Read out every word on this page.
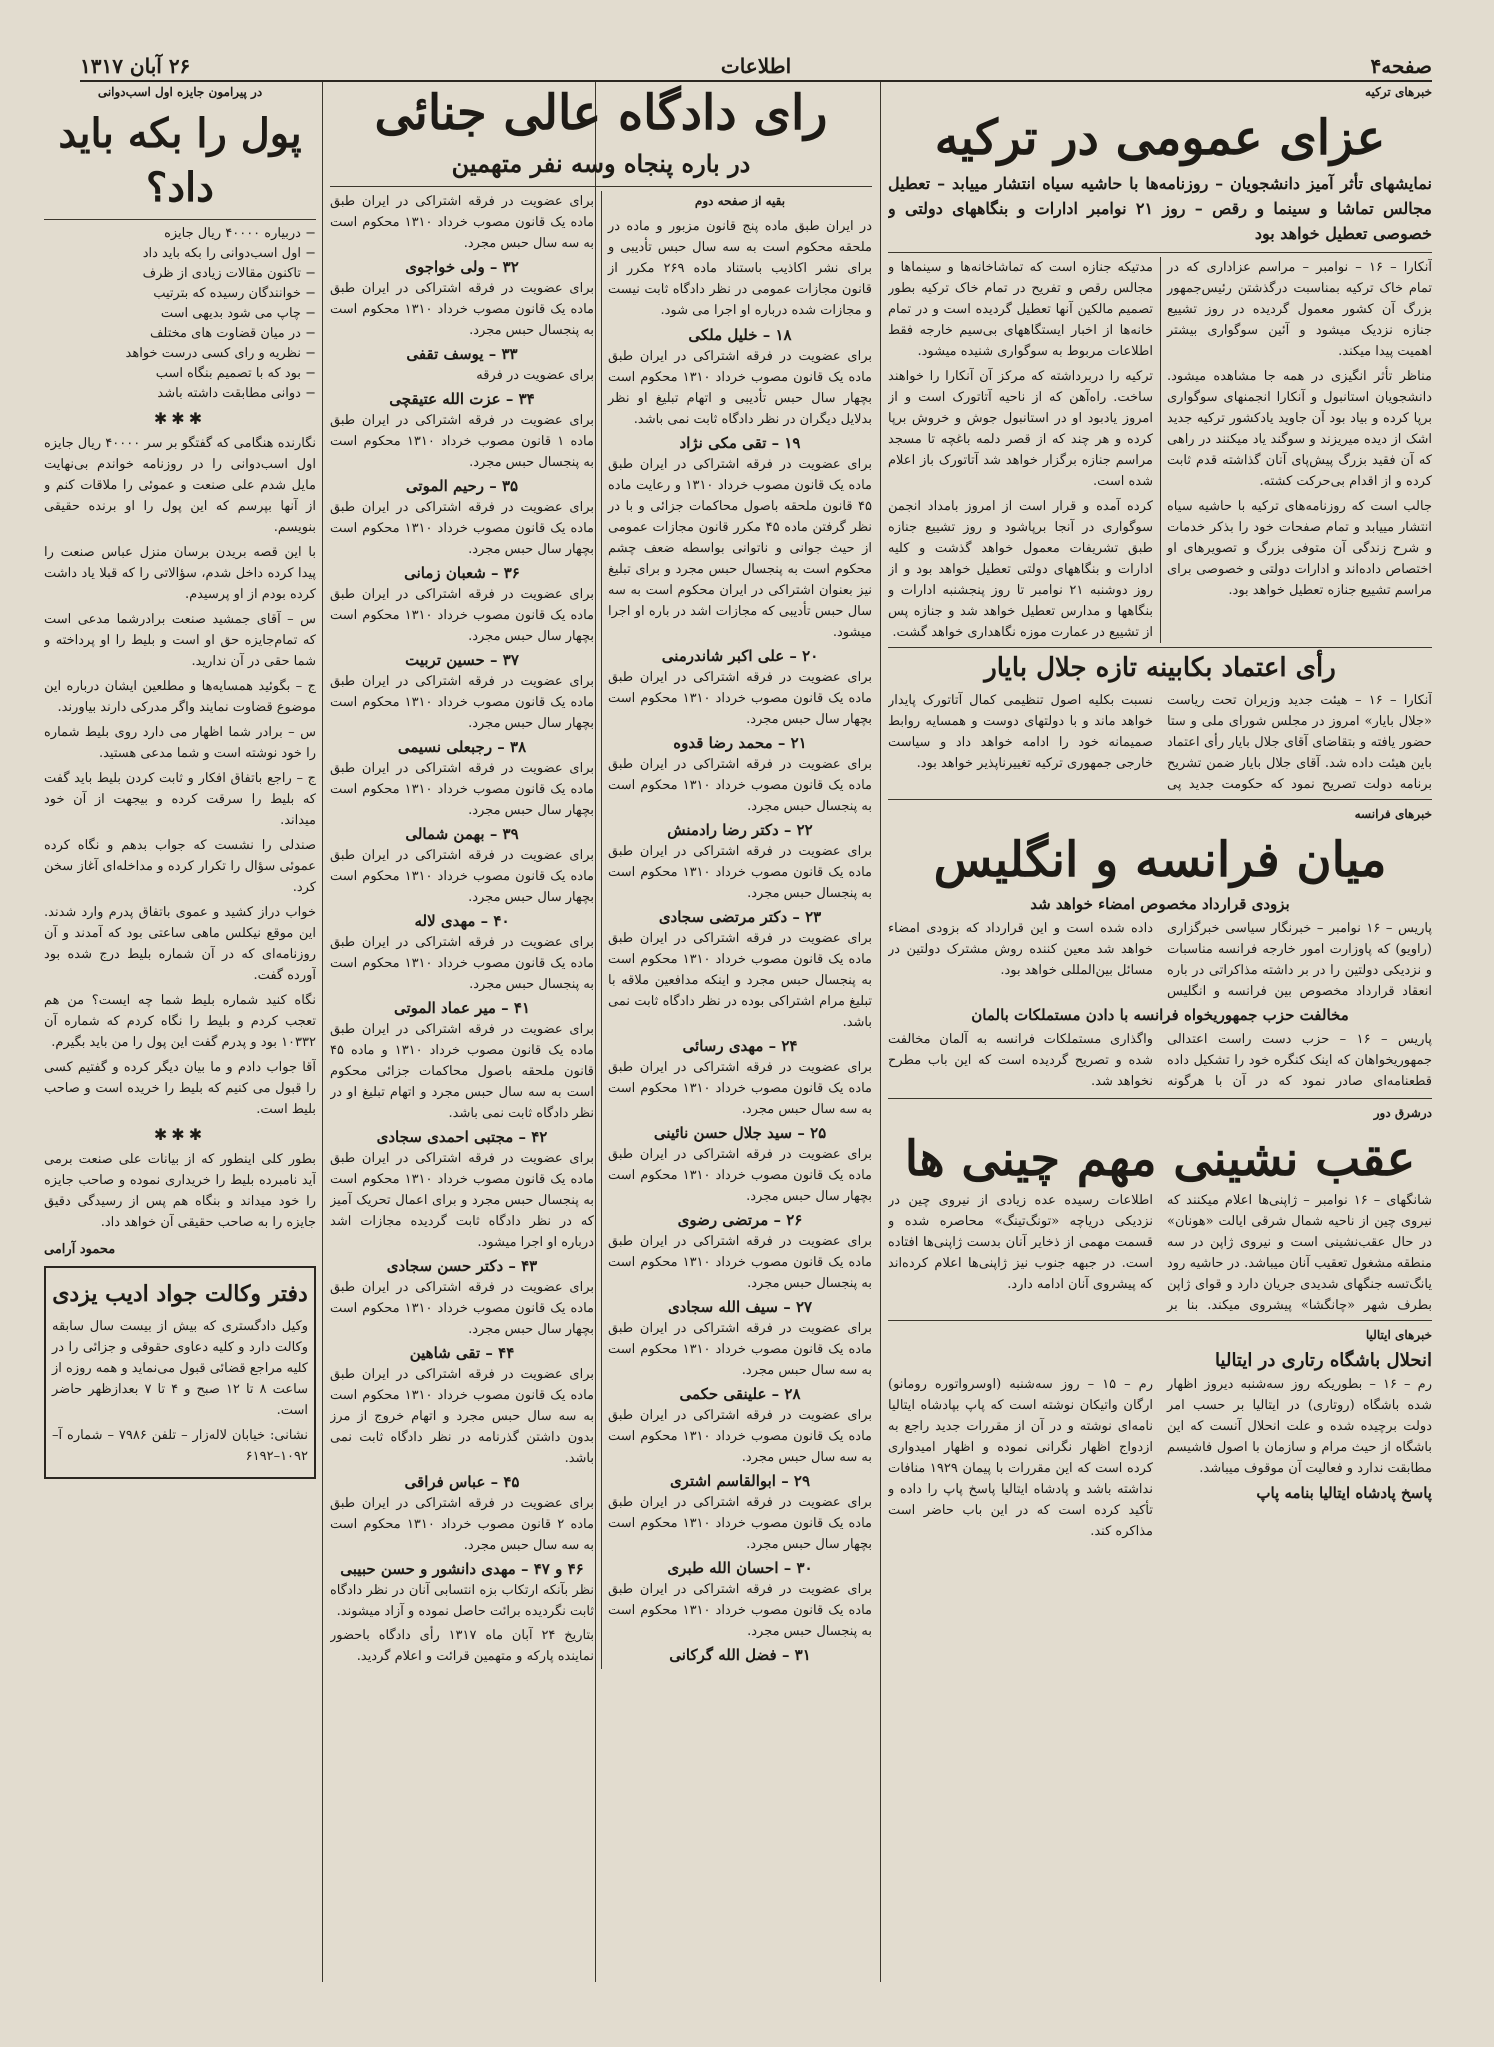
صفحه۴
اطلاعات
۲۶ آبان ۱۳۱۷
خبرهای ترکیه
عزای عمومی در ترکیه
نمایشهای تأثر آمیز دانشجویان – روزنامه‌ها با حاشیه سیاه انتشار مییابد – تعطیل مجالس تماشا و سینما و رقص – روز ۲۱ نوامبر ادارات و بنگاههای دولتی و خصوصی تعطیل خواهد بود

آنکارا – ۱۶ – نوامبر – مراسم عزاداری که در تمام خاک ترکیه بمناسبت درگذشتن رئیس‌جمهور بزرگ آن کشور معمول گردیده در روز تشییع جنازه نزدیک میشود و آئین سوگواری بیشتر اهمیت پیدا میکند.

مناظر تأثر انگیزی در همه جا مشاهده میشود. دانشجویان استانبول و آنکارا انجمنهای سوگواری برپا کرده و بیاد بود آن جاوید یادکشور ترکیه جدید اشک از دیده میریزند و سوگند یاد میکنند در راهی که آن فقید بزرگ پیش‌پای آنان گذاشته قدم ثابت کرده و از اقدام بی‌حرکت کشته.

جالب است که روزنامه‌های ترکیه با حاشیه سیاه انتشار مییابد و تمام صفحات خود را بذکر خدمات و شرح زندگی آن متوفی بزرگ و تصویرهای او اختصاص داده‌اند و ادارات دولتی و خصوصی برای مراسم تشییع جنازه تعطیل خواهد بود.

مدتیکه جنازه است که تماشاخانه‌ها و سینماها و مجالس رقص و تفریح در تمام خاک ترکیه بطور تصمیم مالکین آنها تعطیل گردیده است و در تمام خانه‌ها از اخبار ایستگاههای بی‌سیم خارجه فقط اطلاعات مربوط به سوگواری شنیده میشود.

ترکیه را دربرداشته که مرکز آن آنکارا را خواهند ساخت. راه‌آهن که از ناحیه آتاتورک است و از امروز یادبود او در استانبول جوش و خروش برپا کرده و هر چند که از قصر دلمه باغچه تا مسجد مراسم جنازه برگزار خواهد شد آتاتورک باز اعلام شده است.

کرده آمده و قرار است از امروز بامداد انجمن سوگواری در آنجا برپاشود و روز تشییع جنازه طبق تشریفات معمول خواهد گذشت و کلیه ادارات و بنگاههای دولتی تعطیل خواهد بود و از روز دوشنبه ۲۱ نوامبر تا روز پنجشنبه ادارات و بنگاهها و مدارس تعطیل خواهد شد و جنازه پس از تشییع در عمارت موزه نگاهداری خواهد گشت.

رأی اعتماد بکابینه تازه جلال بایار

آنکارا – ۱۶ – هیئت جدید وزیران تحت ریاست «جلال بایار» امروز در مجلس شورای ملی و ستا حضور یافته و بتقاضای آقای جلال بایار رأی اعتماد باین هیئت داده شد. آقای جلال بایار ضمن تشریح برنامه دولت تصریح نمود که حکومت جدید پی نسبت بکلیه اصول تنظیمی کمال آتاتورک پایدار خواهد ماند و با دولتهای دوست و همسایه روابط صمیمانه خود را ادامه خواهد داد و سیاست خارجی جمهوری ترکیه تغییرناپذیر خواهد بود.

خبرهای فرانسه
میان فرانسه و انگلیس
بزودی قرارداد مخصوص امضاء خواهد شد

پاریس – ۱۶ نوامبر – خبرنگار سیاسی خبرگزاری (راویو) که پاوزارت امور خارجه فرانسه مناسبات و نزدیکی دولتین را در بر داشته مذاکراتی در باره انعقاد قرارداد مخصوص بین فرانسه و انگلیس داده شده است و این قرارداد که بزودی امضاء خواهد شد معین کننده روش مشترک دولتین در مسائل بین‌المللی خواهد بود.

مخالفت حزب جمهوریخواه فرانسه با دادن مستملکات بالمان

پاریس – ۱۶ – حزب دست راست اعتدالی جمهوریخواهان که اینک کنگره خود را تشکیل داده قطعنامه‌ای صادر نمود که در آن با هرگونه واگذاری مستملکات فرانسه به آلمان مخالفت شده و تصریح گردیده است که این باب مطرح نخواهد شد.

درشرق دور
عقب نشینی مهم چینی ها

شانگهای – ۱۶ نوامبر – ژاپنی‌ها اعلام میکنند که نیروی چین از ناحیه شمال شرقی ایالت «هونان» در حال عقب‌نشینی است و نیروی ژاپن در سه منطقه مشغول تعقیب آنان میباشد. در حاشیه رود یانگ‌تسه جنگهای شدیدی جریان دارد و قوای ژاپن بطرف شهر «چانگشا» پیشروی میکند. بنا بر اطلاعات رسیده عده زیادی از نیروی چین در نزدیکی دریاچه «تونگ‌تینگ» محاصره شده و قسمت مهمی از ذخایر آنان بدست ژاپنی‌ها افتاده است. در جبهه جنوب نیز ژاپنی‌ها اعلام کرده‌اند که پیشروی آنان ادامه دارد.

خبرهای ایتالیا
انحلال باشگاه رتاری در ایتالیا

رم – ۱۶ – بطوریکه روز سه‌شنبه دیروز اظهار شده باشگاه (روتاری) در ایتالیا بر حسب امر دولت برچیده شده و علت انحلال آنست که این باشگاه از حیث مرام و سازمان با اصول فاشیسم مطابقت ندارد و فعالیت آن موقوف میباشد.

پاسخ پادشاه ایتالیا بنامه پاپ

رم – ۱۵ – روز سه‌شنبه (اوسرواتوره رومانو) ارگان واتیکان نوشته است که پاپ بپادشاه ایتالیا نامه‌ای نوشته و در آن از مقررات جدید راجع به ازدواج اظهار نگرانی نموده و اظهار امیدواری کرده است که این مقررات با پیمان ۱۹۲۹ منافات نداشته باشد و پادشاه ایتالیا پاسخ پاپ را داده و تأکید کرده است که در این باب حاضر است مذاکره کند.

رای دادگاه عالی جنائی
در باره پنجاه وسه نفر متهمین
بقیه از صفحه دوم

در ایران طبق ماده پنج قانون مزبور و ماده در ملحقه محکوم است به سه سال حبس تأدیبی و برای نشر اکاذیب باستناد ماده ۲۶۹ مکرر از قانون مجازات عمومی در نظر دادگاه ثابت نیست و مجازات شده درباره او اجرا می شود.

۱۸ – خلیل ملکی
برای عضویت در فرقه اشتراکی در ایران طبق ماده یک قانون مصوب خرداد ۱۳۱۰ محکوم است بچهار سال حبس تأدیبی و اتهام تبلیغ او نظر بدلایل دیگران در نظر دادگاه ثابت نمی باشد.
۱۹ – تقی مکی نژاد
برای عضویت در فرقه اشتراکی در ایران طبق ماده یک قانون مصوب خرداد ۱۳۱۰ و رعایت ماده ۴۵ قانون ملحقه باصول محاکمات جزائی و با در نظر گرفتن ماده ۴۵ مکرر قانون مجازات عمومی از حیث جوانی و ناتوانی بواسطه ضعف چشم محکوم است به پنجسال حبس مجرد و برای تبلیغ نیز بعنوان اشتراکی در ایران محکوم است به سه سال حبس تأدیبی که مجازات اشد در باره او اجرا میشود.
۲۰ – علی اکبر شاندرمنی
برای عضویت در فرقه اشتراکی در ایران طبق ماده یک قانون مصوب خرداد ۱۳۱۰ محکوم است بچهار سال حبس مجرد.
۲۱ – محمد رضا قدوه
برای عضویت در فرقه اشتراکی در ایران طبق ماده یک قانون مصوب خرداد ۱۳۱۰ محکوم است به پنجسال حبس مجرد.
۲۲ – دکتر رضا رادمنش
برای عضویت در فرقه اشتراکی در ایران طبق ماده یک قانون مصوب خرداد ۱۳۱۰ محکوم است به پنجسال حبس مجرد.
۲۳ – دکتر مرتضی سجادی
برای عضویت در فرقه اشتراکی در ایران طبق ماده یک قانون مصوب خرداد ۱۳۱۰ محکوم است به پنجسال حبس مجرد و اینکه مدافعین ملاقه با تبلیغ مرام اشتراکی بوده در نظر دادگاه ثابت نمی باشد.
۲۴ – مهدی رسائی
برای عضویت در فرقه اشتراکی در ایران طبق ماده یک قانون مصوب خرداد ۱۳۱۰ محکوم است به سه سال حبس مجرد.
۲۵ – سید جلال حسن نائینی
برای عضویت در فرقه اشتراکی در ایران طبق ماده یک قانون مصوب خرداد ۱۳۱۰ محکوم است بچهار سال حبس مجرد.
۲۶ – مرتضی رضوی
برای عضویت در فرقه اشتراکی در ایران طبق ماده یک قانون مصوب خرداد ۱۳۱۰ محکوم است به پنجسال حبس مجرد.
۲۷ – سیف الله سجادی
برای عضویت در فرقه اشتراکی در ایران طبق ماده یک قانون مصوب خرداد ۱۳۱۰ محکوم است به سه سال حبس مجرد.
۲۸ – علینقی حکمی
برای عضویت در فرقه اشتراکی در ایران طبق ماده یک قانون مصوب خرداد ۱۳۱۰ محکوم است به سه سال حبس مجرد.
۲۹ – ابوالقاسم اشتری
برای عضویت در فرقه اشتراکی در ایران طبق ماده یک قانون مصوب خرداد ۱۳۱۰ محکوم است بچهار سال حبس مجرد.
۳۰ – احسان الله طبری
برای عضویت در فرقه اشتراکی در ایران طبق ماده یک قانون مصوب خرداد ۱۳۱۰ محکوم است به پنجسال حبس مجرد.
۳۱ – فضل الله گرکانی
برای عضویت در فرقه اشتراکی در ایران طبق ماده یک قانون مصوب خرداد ۱۳۱۰ محکوم است به سه سال حبس مجرد.
۳۲ – ولی خواجوی
برای عضویت در فرقه اشتراکی در ایران طبق ماده یک قانون مصوب خرداد ۱۳۱۰ محکوم است به پنجسال حبس مجرد.
۳۳ – یوسف تقفی
برای عضویت در فرقه
۳۴ – عزت الله عتیقچی
برای عضویت در فرقه اشتراکی در ایران طبق ماده ۱ قانون مصوب خرداد ۱۳۱۰ محکوم است به پنجسال حبس مجرد.
۳۵ – رحیم الموتی
برای عضویت در فرقه اشتراکی در ایران طبق ماده یک قانون مصوب خرداد ۱۳۱۰ محکوم است بچهار سال حبس مجرد.
۳۶ – شعبان زمانی
برای عضویت در فرقه اشتراکی در ایران طبق ماده یک قانون مصوب خرداد ۱۳۱۰ محکوم است بچهار سال حبس مجرد.
۳۷ – حسین تربیت
برای عضویت در فرقه اشتراکی در ایران طبق ماده یک قانون مصوب خرداد ۱۳۱۰ محکوم است بچهار سال حبس مجرد.
۳۸ – رجبعلی نسیمی
برای عضویت در فرقه اشتراکی در ایران طبق ماده یک قانون مصوب خرداد ۱۳۱۰ محکوم است بچهار سال حبس مجرد.
۳۹ – بهمن شمالی
برای عضویت در فرقه اشتراکی در ایران طبق ماده یک قانون مصوب خرداد ۱۳۱۰ محکوم است بچهار سال حبس مجرد.
۴۰ – مهدی لاله
برای عضویت در فرقه اشتراکی در ایران طبق ماده یک قانون مصوب خرداد ۱۳۱۰ محکوم است به پنجسال حبس مجرد.
۴۱ – میر عماد الموتی
برای عضویت در فرقه اشتراکی در ایران طبق ماده یک قانون مصوب خرداد ۱۳۱۰ و ماده ۴۵ قانون ملحقه باصول محاکمات جزائی محکوم است به سه سال حبس مجرد و اتهام تبلیغ او در نظر دادگاه ثابت نمی باشد.
۴۲ – مجتبی احمدی سجادی
برای عضویت در فرقه اشتراکی در ایران طبق ماده یک قانون مصوب خرداد ۱۳۱۰ محکوم است به پنجسال حبس مجرد و برای اعمال تحریک آمیز که در نظر دادگاه ثابت گردیده مجازات اشد درباره او اجرا میشود.
۴۳ – دکتر حسن سجادی
برای عضویت در فرقه اشتراکی در ایران طبق ماده یک قانون مصوب خرداد ۱۳۱۰ محکوم است بچهار سال حبس مجرد.
۴۴ – تقی شاهین
برای عضویت در فرقه اشتراکی در ایران طبق ماده یک قانون مصوب خرداد ۱۳۱۰ محکوم است به سه سال حبس مجرد و اتهام خروج از مرز بدون داشتن گذرنامه در نظر دادگاه ثابت نمی باشد.
۴۵ – عباس فراقی
برای عضویت در فرقه اشتراکی در ایران طبق ماده ۲ قانون مصوب خرداد ۱۳۱۰ محکوم است به سه سال حبس مجرد.
۴۶ و ۴۷ – مهدی دانشور و حسن حبیبی
نظر بآنکه ارتکاب بزه انتسابی آنان در نظر دادگاه ثابت نگردیده برائت حاصل نموده و آزاد میشوند.

بتاریخ ۲۴ آبان ماه ۱۳۱۷ رأی دادگاه باحضور نماینده پارکه و متهمین قرائت و اعلام گردید.

در پیرامون جایزه اول اسب‌دوانی
پول را بکه باید داد؟
− دربیاره ۴۰۰۰۰ ریال جایزه
− اول اسب‌دوانی را بکه باید داد
− تاکنون مقالات زیادی از ظرف
− خوانندگان رسیده که بترتیب
− چاپ می شود بدیهی است
− در میان قضاوت های مختلف
− نظریه و رای کسی درست خواهد
− بود که با تصمیم بنگاه اسب
− دوانی مطابقت داشته باشد
✱✱✱

نگارنده هنگامی که گفتگو بر سر ۴۰۰۰۰ ریال جایزه اول اسب‌دوانی را در روزنامه خواندم بی‌نهایت مایل شدم علی صنعت و عموئی را ملاقات کنم و از آنها بپرسم که این پول را او برنده حقیقی بنویسم.

با این قصه بریدن برسان منزل عباس صنعت را پیدا کرده داخل شدم، سؤالاتی را که قبلا یاد داشت کرده بودم از او پرسیدم.

س – آقای جمشید صنعت برادرشما مدعی است که تمام‌جایزه حق او است و بلیط را او پرداخته و شما حقی در آن ندارید.

ج – بگوئید همسایه‌ها و مطلعین ایشان درباره این موضوع قضاوت نمایند واگر مدرکی دارند بیاورند.

س – برادر شما اظهار می دارد روی بلیط شماره را خود نوشته است و شما مدعی هستید.

ج – راجع باتفاق افکار و ثابت کردن بلیط باید گفت که بلیط را سرقت کرده و بیجهت از آن خود میداند.

صندلی را نشست که جواب بدهم و نگاه کرده عموئی سؤال را تکرار کرده و مداخله‌ای آغاز سخن کرد.

خواب دراز کشید و عموی باتفاق پدرم وارد شدند. این موقع نیکلس ماهی ساعتی بود که آمدند و آن روزنامه‌ای که در آن شماره بلیط درج شده بود آورده گفت.

نگاه کنید شماره بلیط شما چه ایست؟ من هم تعجب کردم و بلیط را نگاه کردم که شماره آن ۱۰۳۳۲ بود و پدرم گفت این پول را من باید بگیرم.

آقا جواب دادم و ما بیان دیگر کرده و گفتیم کسی را قبول می کنیم که بلیط را خریده است و صاحب بلیط است.

✱✱✱

بطور کلی اینطور که از بیانات علی صنعت برمی آید نامبرده بلیط را خریداری نموده و صاحب جایزه را خود میداند و بنگاه هم پس از رسیدگی دقیق جایزه را به صاحب حقیقی آن خواهد داد.

محمود آرامی
دفتر وکالت جواد ادیب یزدی

وکیل دادگستری که بیش از بیست سال سابقه وکالت دارد و کلیه دعاوی حقوقی و جزائی را در کلیه مراجع قضائی قبول می‌نماید و همه روزه از ساعت ۸ تا ۱۲ صبح و ۴ تا ۷ بعدازظهر حاضر است.

نشانی: خیابان لاله‌زار – تلفن ۷۹۸۶ – شماره آ–۱۰۹۲–۶۱۹۲
